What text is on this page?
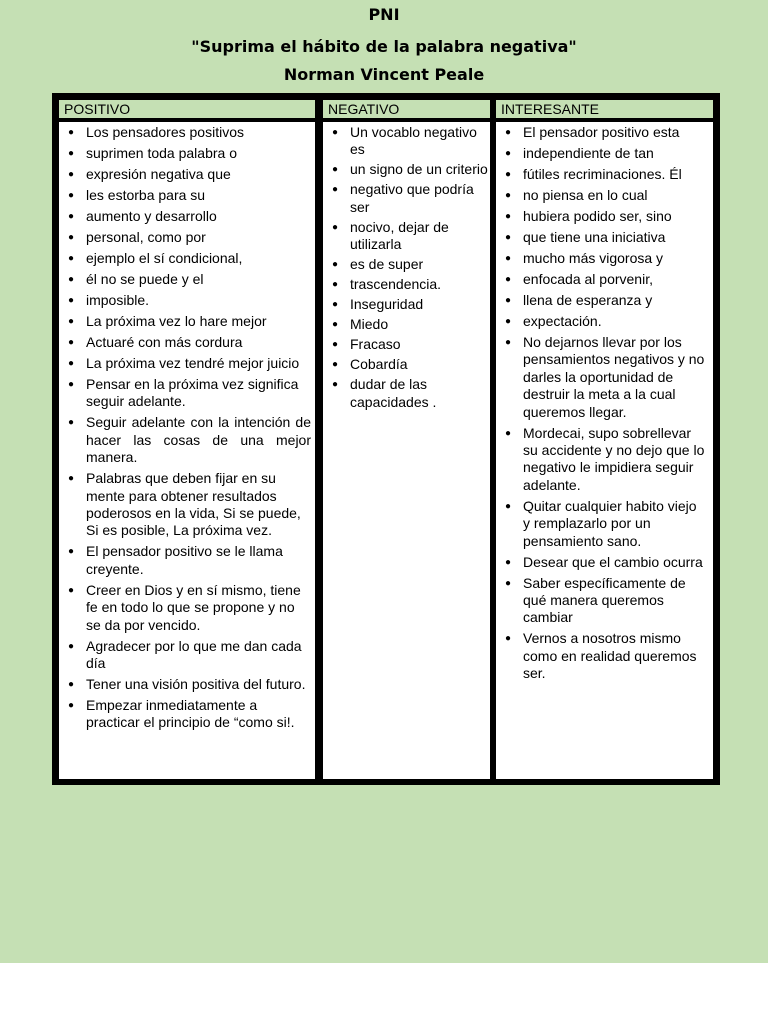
PNI
"Suprima el hábito de la palabra negativa"
Norman Vincent Peale
POSITIVO	NEGATIVO	INTERESANTE
● Los pensadores positivos
● suprimen toda palabra o
● expresión negativa que
● les estorba para su
● aumento y desarrollo
● personal, como por
● ejemplo el sí condicional,
● él no se puede y el
● imposible.
● La próxima vez lo hare mejor
● Actuaré con más cordura
● La próxima vez tendré mejor juicio
● Pensar en la próxima vez significa seguir adelante.
● Seguir adelante con la intención de hacer las cosas de una mejor manera.
● Palabras que deben fijar en su mente para obtener resultados poderosos en la vida, Si se puede, Si es posible, La próxima vez.
● El pensador positivo se le llama creyente.
● Creer en Dios y en sí mismo, tiene fe en todo lo que se propone y no se da por vencido.
● Agradecer por lo que me dan cada día
● Tener una visión positiva del futuro.
● Empezar inmediatamente a practicar el principio de “como si!.
● Un vocablo negativo es
● un signo de un criterio
● negativo que podría ser
● nocivo, dejar de utilizarla
● es de super
● trascendencia.
● Inseguridad
● Miedo
● Fracaso
● Cobardía
● dudar de las capacidades .
● El pensador positivo esta
● independiente de tan
● fútiles recriminaciones. Él
● no piensa en lo cual
● hubiera podido ser, sino
● que tiene una iniciativa
● mucho más vigorosa y
● enfocada al porvenir,
● llena de esperanza y
● expectación.
● No dejarnos llevar por los pensamientos negativos y no darles la oportunidad de destruir la meta a la cual queremos llegar.
● Mordecai, supo sobrellevar su accidente y no dejo que lo negativo le impidiera seguir adelante.
● Quitar cualquier habito viejo y remplazarlo por un pensamiento sano.
● Desear que el cambio ocurra
● Saber específicamente de qué manera queremos cambiar
● Vernos a nosotros mismo como en realidad queremos ser.
